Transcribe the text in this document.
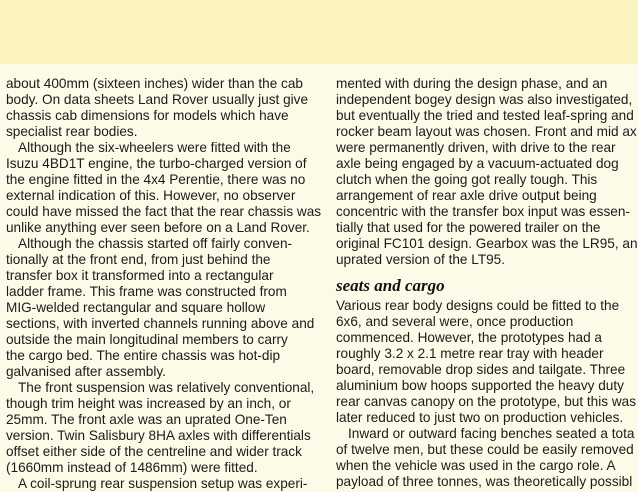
about 400mm (sixteen inches) wider than the cab

body. On data sheets Land Rover usually just give

chassis cab dimensions for models which have

specialist rear bodies.

Although the six-wheelers were fitted with the

Isuzu 4BD1T engine, the turbo-charged version of

the engine fitted in the 4x4 Perentie, there was no

external indication of this. However, no observer

could have missed the fact that the rear chassis was

unlike anything ever seen before on a Land Rover.

Although the chassis started off fairly conven-

tionally at the front end, from just behind the

transfer box it transformed into a rectangular

ladder frame. This frame was constructed from

MIG-welded rectangular and square hollow

sections, with inverted channels running above and

outside the main longitudinal members to carry

the cargo bed. The entire chassis was hot-dip

galvanised after assembly.

The front suspension was relatively conventional,

though trim height was increased by an inch, or

25mm. The front axle was an uprated One-Ten

version. Twin Salisbury 8HA axles with differentials

offset either side of the centreline and wider track

(1660mm instead of 1486mm) were fitted.

A coil-sprung rear suspension setup was experi-

mented with during the design phase, and an

independent bogey design was also investigated,

but eventually the tried and tested leaf-spring and

rocker beam layout was chosen. Front and mid ax

were permanently driven, with drive to the rear

axle being engaged by a vacuum-actuated dog

clutch when the going got really tough. This

arrangement of rear axle drive output being

concentric with the transfer box input was essen-

tially that used for the powered trailer on the

original FC101 design. Gearbox was the LR95, an

uprated version of the LT95.

seats and cargo

Various rear body designs could be fitted to the

6x6, and several were, once production

commenced. However, the prototypes had a

roughly 3.2 x 2.1 metre rear tray with header

board, removable drop sides and tailgate. Three

aluminium bow hoops supported the heavy duty

rear canvas canopy on the prototype, but this was

later reduced to just two on production vehicles.

Inward or outward facing benches seated a tota

of twelve men, but these could be easily removed

when the vehicle was used in the cargo role. A

payload of three tonnes, was theoretically possibl
